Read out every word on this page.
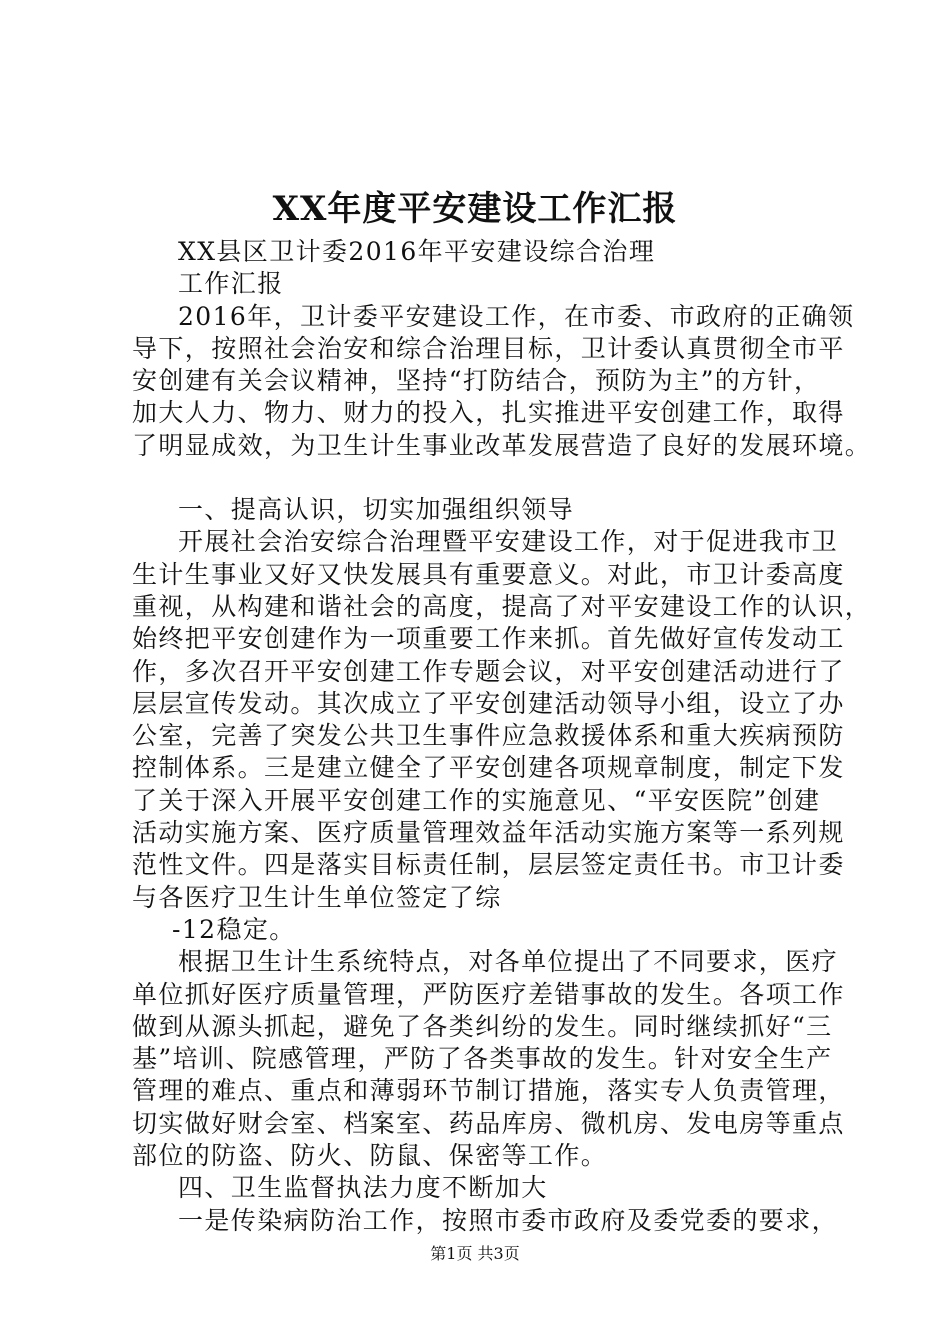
XX年度平安建设工作汇报
XX县区卫计委2016年平安建设综合治理
工作汇报
2016年，卫计委平安建设工作，在市委、市政府的正确领
导下，按照社会治安和综合治理目标，卫计委认真贯彻全市平
安创建有关会议精神，坚持“打防结合，预防为主”的方针，
加大人力、物力、财力的投入，扎实推进平安创建工作，取得
了明显成效，为卫生计生事业改革发展营造了良好的发展环境。
一、提高认识，切实加强组织领导
开展社会治安综合治理暨平安建设工作，对于促进我市卫
生计生事业又好又快发展具有重要意义。对此，市卫计委高度
重视，从构建和谐社会的高度，提高了对平安建设工作的认识，
始终把平安创建作为一项重要工作来抓。首先做好宣传发动工
作，多次召开平安创建工作专题会议，对平安创建活动进行了
层层宣传发动。其次成立了平安创建活动领导小组，设立了办
公室，完善了突发公共卫生事件应急救援体系和重大疾病预防
控制体系。三是建立健全了平安创建各项规章制度，制定下发
了关于深入开展平安创建工作的实施意见、“平安医院”创建
活动实施方案、医疗质量管理效益年活动实施方案等一系列规
范性文件。四是落实目标责任制，层层签定责任书。市卫计委
与各医疗卫生计生单位签定了综
-12稳定。
根据卫生计生系统特点，对各单位提出了不同要求，医疗
单位抓好医疗质量管理，严防医疗差错事故的发生。各项工作
做到从源头抓起，避免了各类纠纷的发生。同时继续抓好“三
基”培训、院感管理，严防了各类事故的发生。针对安全生产
管理的难点、重点和薄弱环节制订措施，落实专人负责管理，
切实做好财会室、档案室、药品库房、微机房、发电房等重点
部位的防盗、防火、防鼠、保密等工作。
四、卫生监督执法力度不断加大
一是传染病防治工作，按照市委市政府及委党委的要求，
第1页 共3页
